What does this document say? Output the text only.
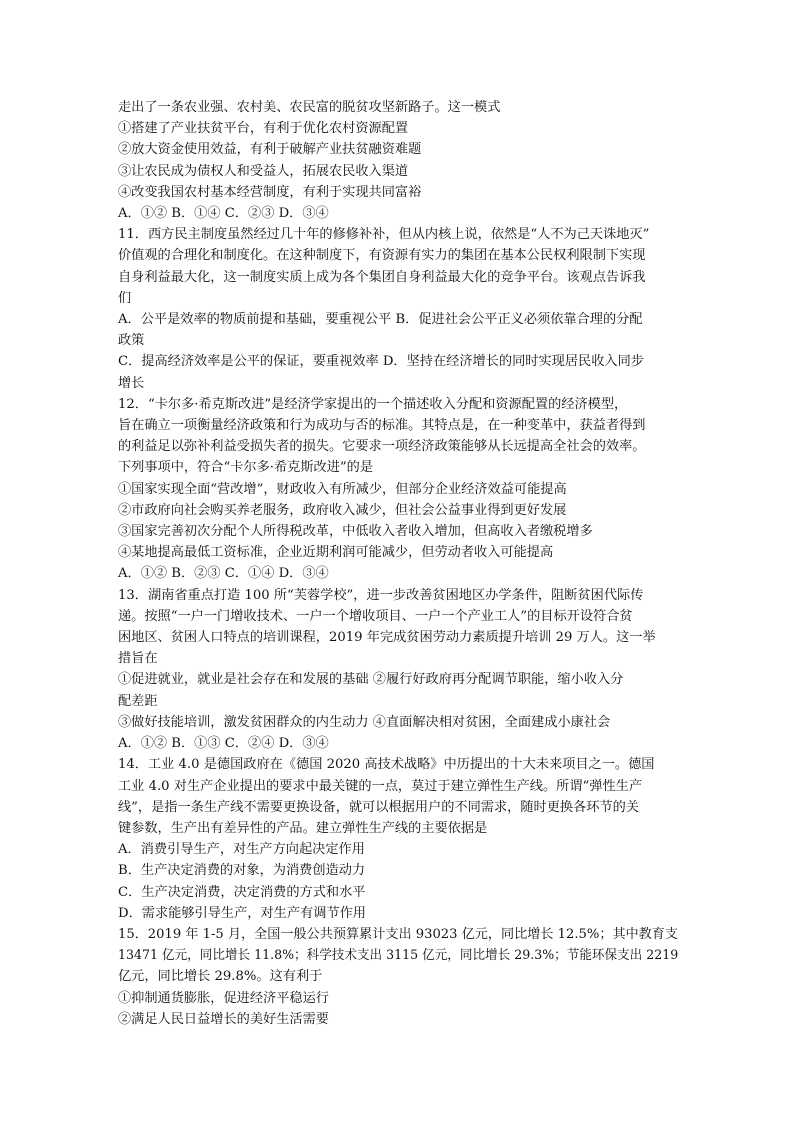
走出了一条农业强、农村美、农民富的脱贫攻坚新路子。这一模式
①搭建了产业扶贫平台，有利于优化农村资源配置
②放大资金使用效益，有利于破解产业扶贫融资难题
③让农民成为债权人和受益人，拓展农民收入渠道
④改变我国农村基本经营制度，有利于实现共同富裕
A．①② B．①④ C．②③ D．③④
11．西方民主制度虽然经过几十年的修修补补，但从内核上说，依然是“人不为己天诛地灭”
价值观的合理化和制度化。在这种制度下，有资源有实力的集团在基本公民权利限制下实现
自身利益最大化，这一制度实质上成为各个集团自身利益最大化的竞争平台。该观点告诉我
们
A．公平是效率的物质前提和基础，要重视公平 B．促进社会公平正义必须依靠合理的分配
政策
C．提高经济效率是公平的保证，要重视效率 D．坚持在经济增长的同时实现居民收入同步
增长
12．“卡尔多·希克斯改进”是经济学家提出的一个描述收入分配和资源配置的经济模型，
旨在确立一项衡量经济政策和行为成功与否的标准。其特点是，在一种变革中，获益者得到
的利益足以弥补利益受损失者的损失。它要求一项经济政策能够从长远提高全社会的效率。
下列事项中，符合“卡尔多·希克斯改进”的是
①国家实现全面“营改增”，财政收入有所减少，但部分企业经济效益可能提高
②市政府向社会购买养老服务，政府收入减少，但社会公益事业得到更好发展
③国家完善初次分配个人所得税改革，中低收入者收入增加，但高收入者缴税增多
④某地提高最低工资标准，企业近期利润可能减少，但劳动者收入可能提高
A．①② B．②③ C．①④ D．③④
13．湖南省重点打造 100 所“芙蓉学校”，进一步改善贫困地区办学条件，阻断贫困代际传
递。按照“一户一门增收技术、一户一个增收项目、一户一个产业工人”的目标开设符合贫
困地区、贫困人口特点的培训课程，2019 年完成贫困劳动力素质提升培训 29 万人。这一举
措旨在
①促进就业，就业是社会存在和发展的基础 ②履行好政府再分配调节职能，缩小收入分
配差距
③做好技能培训，激发贫困群众的内生动力 ④直面解决相对贫困，全面建成小康社会
A．①② B．①③ C．②④ D．③④
14．工业 4.0 是德国政府在《德国 2020 高技术战略》中历提出的十大未来项目之一。德国
工业 4.0 对生产企业提出的要求中最关键的一点，莫过于建立弹性生产线。所谓“弹性生产
线”，是指一条生产线不需要更换设备，就可以根据用户的不同需求，随时更换各环节的关
键参数，生产出有差异性的产品。建立弹性生产线的主要依据是
A．消费引导生产，对生产方向起决定作用
B．生产决定消费的对象，为消费创造动力
C．生产决定消费，决定消费的方式和水平
D．需求能够引导生产，对生产有调节作用
15．2019 年 1-5 月，全国一般公共预算累计支出 93023 亿元，同比增长 12.5%；其中教育支
13471 亿元，同比增长 11.8%；科学技术支出 3115 亿元，同比增长 29.3%；节能环保支出 2219
亿元，同比增长 29.8%。这有利于
①抑制通货膨胀，促进经济平稳运行
②满足人民日益增长的美好生活需要
